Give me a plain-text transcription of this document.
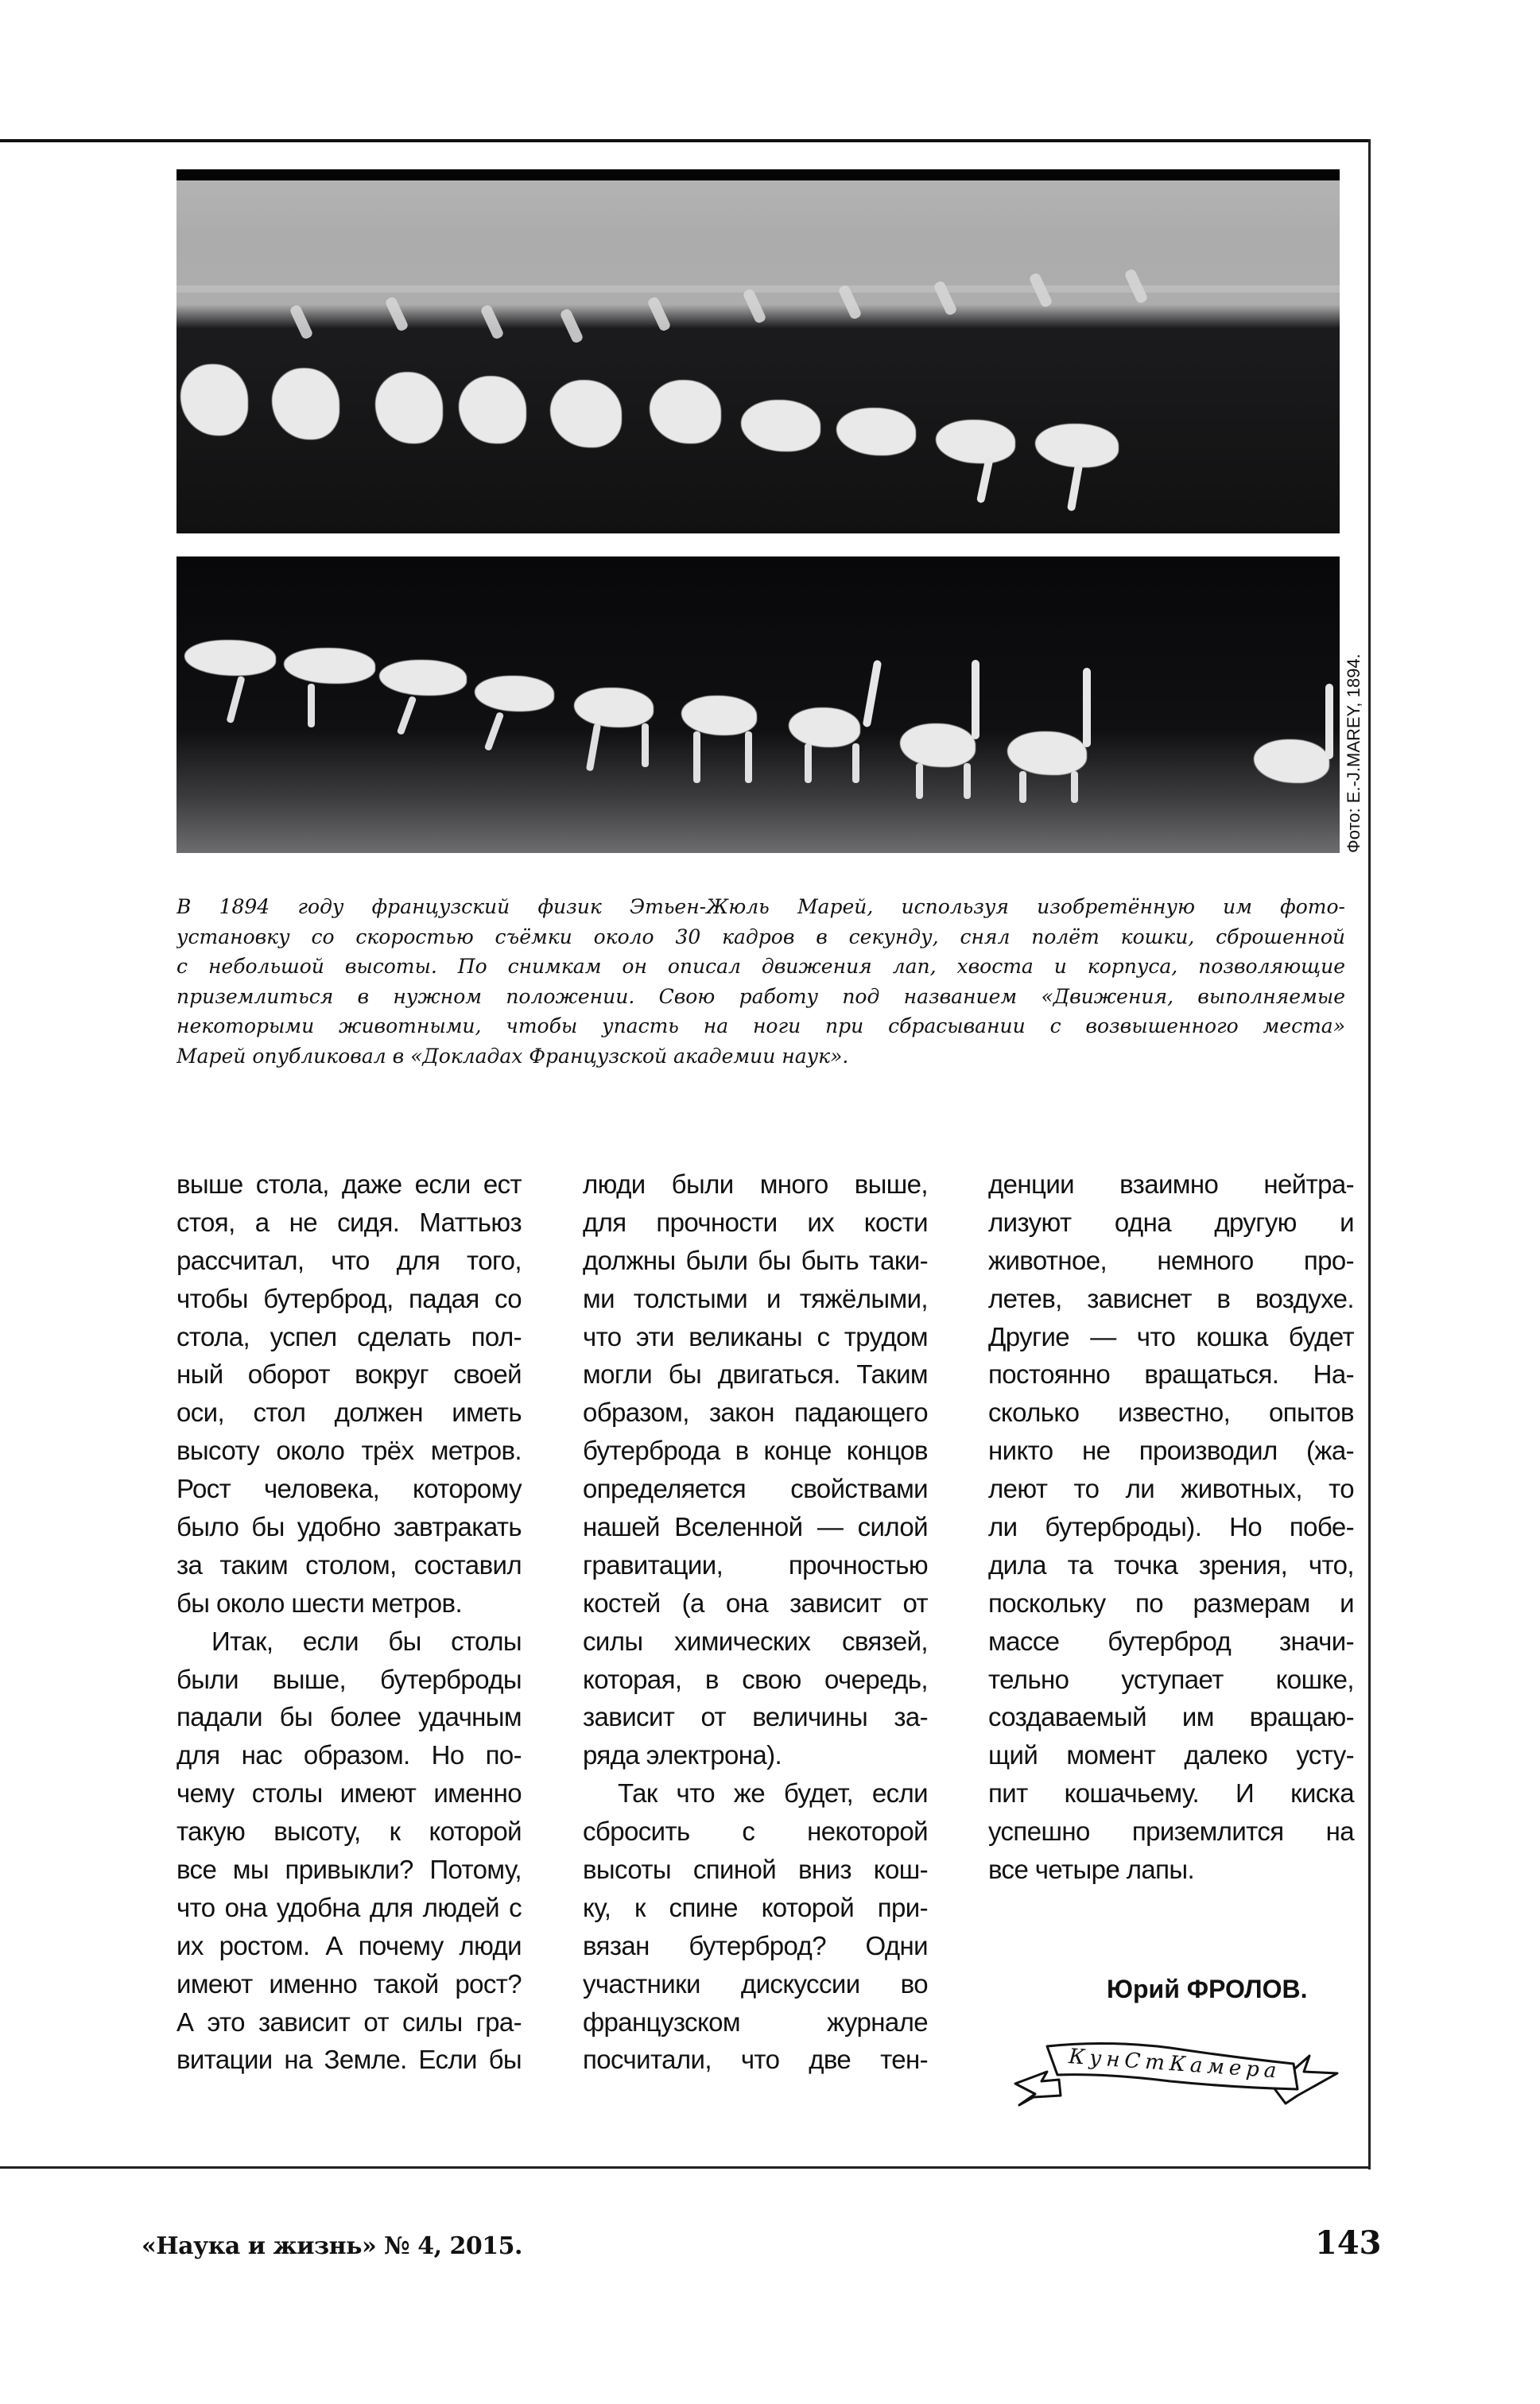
Фото: E.-J.MAREY, 1894.
В 1894 году французский физик Этьен-Жюль Марей, используя изобретённую им фото-
установку со скоростью съёмки около 30 кадров в секунду, снял полёт кошки, сброшенной
с небольшой высоты. По снимкам он описал движения лап, хвоста и корпуса, позволяющие
приземлиться в нужном положении. Свою работу под названием «Движения, выполняемые
некоторыми животными, чтобы упасть на ноги при сбрасывании с возвышенного места»
Марей опубликовал в «Докладах Французской академии наук».
выше стола, даже если ест
стоя, а не сидя. Маттьюз
рассчитал, что для того,
чтобы бутерброд, падая со
стола, успел сделать пол-
ный оборот вокруг своей
оси, стол должен иметь
высоту около трёх метров.
Рост человека, которому
было бы удобно завтракать
за таким столом, составил
бы около шести метров.
Итак, если бы столы
были выше, бутерброды
падали бы более удачным
для нас образом. Но по-
чему столы имеют именно
такую высоту, к которой
все мы привыкли? Потому,
что она удобна для людей с
их ростом. А почему люди
имеют именно такой рост?
А это зависит от силы гра-
витации на Земле. Если бы
люди были много выше,
для прочности их кости
должны были бы быть таки-
ми толстыми и тяжёлыми,
что эти великаны с трудом
могли бы двигаться. Таким
образом, закон падающего
бутерброда в конце концов
определяется свойствами
нашей Вселенной — силой
гравитации, прочностью
костей (а она зависит от
силы химических связей,
которая, в свою очередь,
зависит от величины за-
ряда электрона).
Так что же будет, если
сбросить с некоторой
высоты спиной вниз кош-
ку, к спине которой при-
вязан бутерброд? Одни
участники дискуссии во
французском журнале
посчитали, что две тен-
денции взаимно нейтра-
лизуют одна другую и
животное, немного про-
летев, зависнет в воздухе.
Другие — что кошка будет
постоянно вращаться. На-
сколько известно, опытов
никто не производил (жа-
леют то ли животных, то
ли бутерброды). Но побе-
дила та точка зрения, что,
поскольку по размерам и
массе бутерброд значи-
тельно уступает кошке,
создаваемый им вращаю-
щий момент далеко усту-
пит кошачьему. И киска
успешно приземлится на
все четыре лапы.
Юрий ФРОЛОВ.
КунСтКамера
«Наука и жизнь» № 4, 2015.	143
